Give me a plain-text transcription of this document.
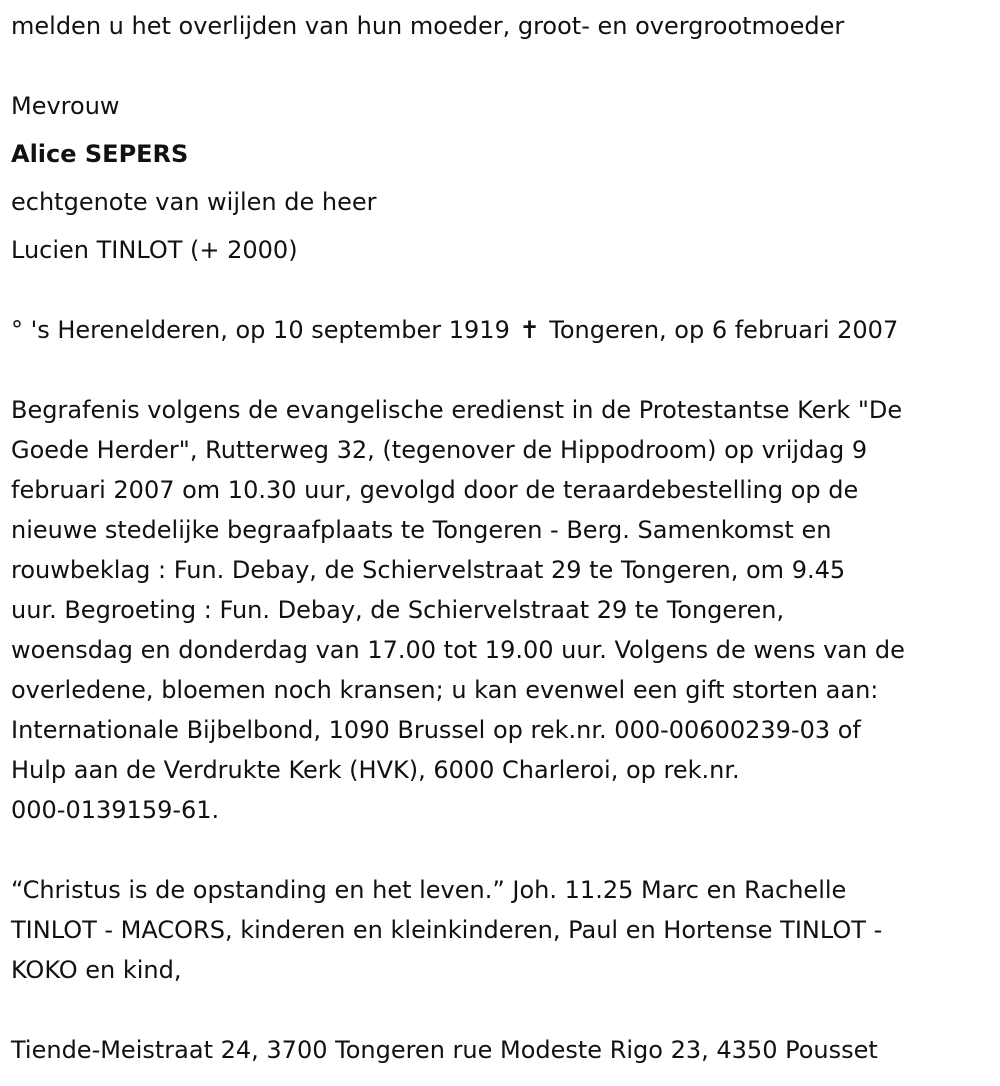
melden u het overlijden van hun moeder, groot- en overgrootmoeder
Mevrouw
Alice SEPERS
echtgenote van wijlen de heer
Lucien TINLOT (+ 2000)
° 's Herenelderen, op 10 september 1919 ✝ Tongeren, op 6 februari 2007
Begrafenis volgens de evangelische eredienst in de Protestantse Kerk "De
Goede Herder", Rutterweg 32, (tegenover de Hippodroom) op vrijdag 9
februari 2007 om 10.30 uur, gevolgd door de teraardebestelling op de
nieuwe stedelijke begraafplaats te Tongeren - Berg. Samenkomst en
rouwbeklag : Fun. Debay, de Schiervelstraat 29 te Tongeren, om 9.45
uur. Begroeting : Fun. Debay, de Schiervelstraat 29 te Tongeren,
woensdag en donderdag van 17.00 tot 19.00 uur. Volgens de wens van de
overledene, bloemen noch kransen; u kan evenwel een gift storten aan:
Internationale Bijbelbond, 1090 Brussel op rek.nr. 000-00600239-03 of
Hulp aan de Verdrukte Kerk (HVK), 6000 Charleroi, op rek.nr.
000-0139159-61.
“Christus is de opstanding en het leven.” Joh. 11.25 Marc en Rachelle
TINLOT - MACORS, kinderen en kleinkinderen, Paul en Hortense TINLOT -
KOKO en kind,
Tiende-Meistraat 24, 3700 Tongeren rue Modeste Rigo 23, 4350 Pousset
